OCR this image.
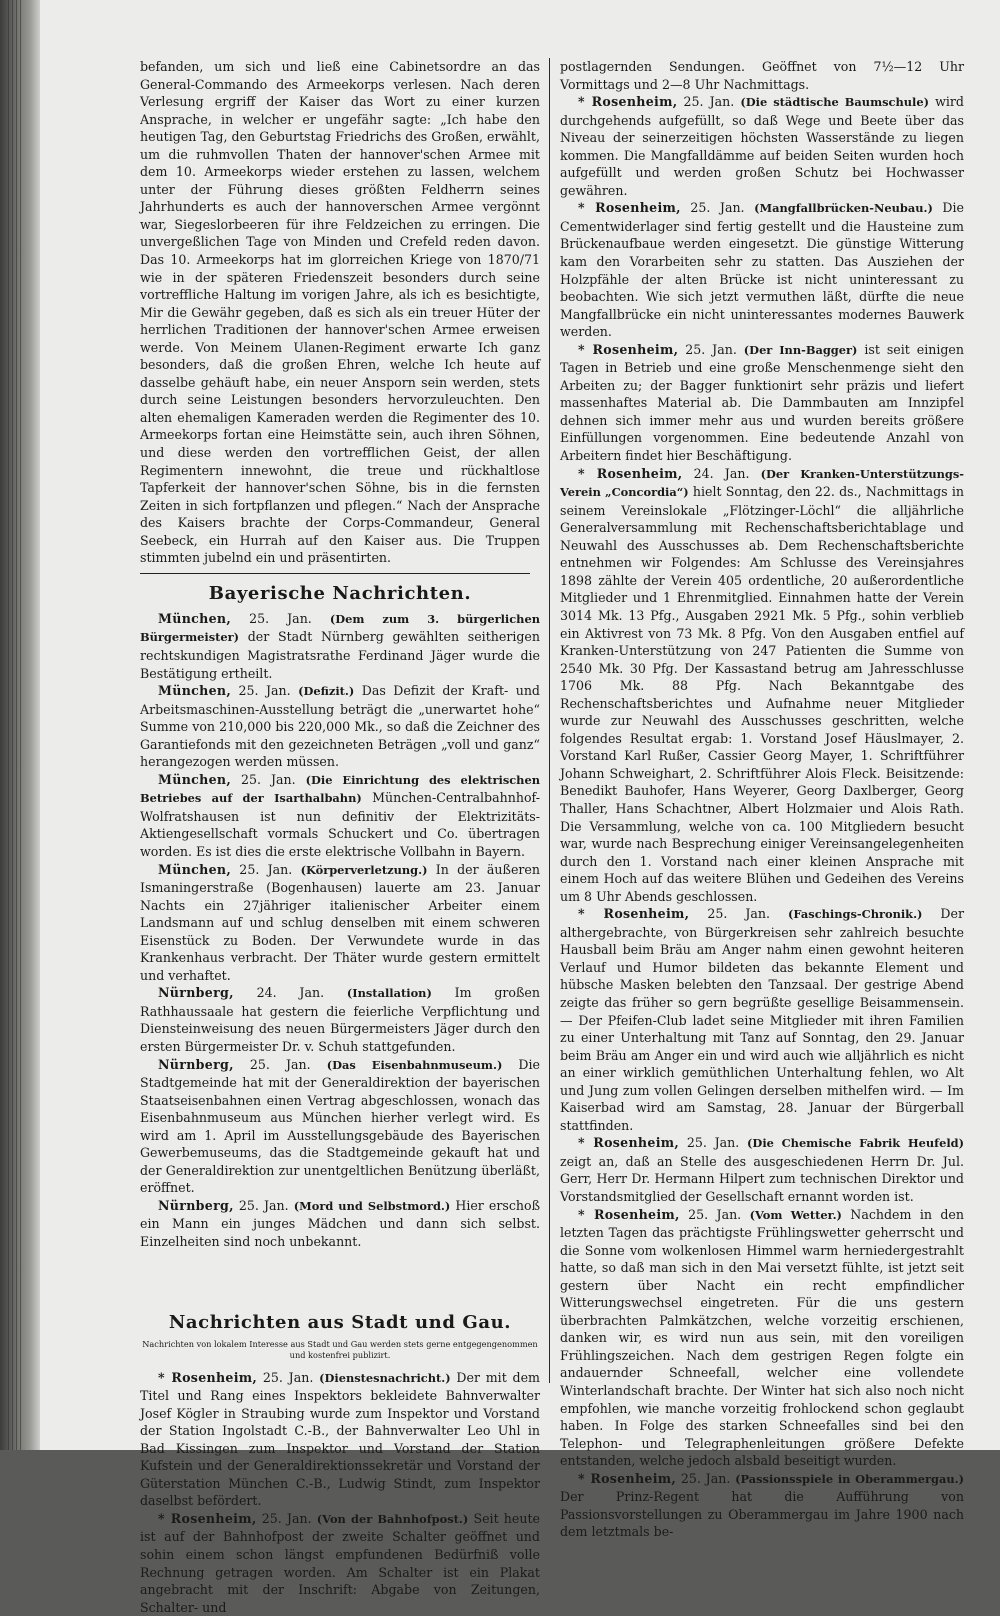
befanden, um sich und ließ eine Cabinetsordre an das General-Commando des Armeekorps verlesen. Nach deren Verlesung ergriff der Kaiser das Wort zu einer kurzen Ansprache, in welcher er ungefähr sagte: „Ich habe den heutigen Tag, den Geburtstag Friedrichs des Großen, erwählt, um die ruhmvollen Thaten der hannover'schen Armee mit dem 10. Armeekorps wieder erstehen zu lassen, welchem unter der Führung dieses größten Feldherrn seines Jahrhunderts es auch der hannoverschen Armee vergönnt war, Siegeslorbeeren für ihre Feldzeichen zu erringen. Die unvergeßlichen Tage von Minden und Crefeld reden davon. Das 10. Armeekorps hat im glorreichen Kriege von 1870/71 wie in der späteren Friedenszeit besonders durch seine vortreffliche Haltung im vorigen Jahre, als ich es besichtigte, Mir die Gewähr gegeben, daß es sich als ein treuer Hüter der herrlichen Traditionen der hannover'schen Armee erweisen werde. Von Meinem Ulanen-Regiment erwarte Ich ganz besonders, daß die großen Ehren, welche Ich heute auf dasselbe gehäuft habe, ein neuer Ansporn sein werden, stets durch seine Leistungen besonders hervorzuleuchten. Den alten ehemaligen Kameraden werden die Regimenter des 10. Armeekorps fortan eine Heimstätte sein, auch ihren Söhnen, und diese werden den vortrefflichen Geist, der allen Regimentern innewohnt, die treue und rückhaltlose Tapferkeit der hannover'schen Söhne, bis in die fernsten Zeiten in sich fortpflanzen und pflegen.“ Nach der Ansprache des Kaisers brachte der Corps-Commandeur, General Seebeck, ein Hurrah auf den Kaiser aus. Die Truppen stimmten jubelnd ein und präsentirten.

Bayerische Nachrichten.

München, 25. Jan. (Dem zum 3. bürgerlichen Bürgermeister) der Stadt Nürnberg gewählten seitherigen rechtskundigen Magistratsrathe Ferdinand Jäger wurde die Bestätigung ertheilt.

München, 25. Jan. (Defizit.) Das Defizit der Kraft- und Arbeitsmaschinen-Ausstellung beträgt die „unerwartet hohe“ Summe von 210,000 bis 220,000 Mk., so daß die Zeichner des Garantiefonds mit den gezeichneten Beträgen „voll und ganz“ herangezogen werden müssen.

München, 25. Jan. (Die Einrichtung des elektrischen Betriebes auf der Isarthalbahn) München-Centralbahnhof-Wolfratshausen ist nun definitiv der Elektrizitäts-Aktiengesellschaft vormals Schuckert und Co. übertragen worden. Es ist dies die erste elektrische Vollbahn in Bayern.

München, 25. Jan. (Körperverletzung.) In der äußeren Ismaningerstraße (Bogenhausen) lauerte am 23. Januar Nachts ein 27jähriger italienischer Arbeiter einem Landsmann auf und schlug denselben mit einem schweren Eisenstück zu Boden. Der Verwundete wurde in das Krankenhaus verbracht. Der Thäter wurde gestern ermittelt und verhaftet.

Nürnberg, 24. Jan. (Installation) Im großen Rathhaussaale hat gestern die feierliche Verpflichtung und Diensteinweisung des neuen Bürgermeisters Jäger durch den ersten Bürgermeister Dr. v. Schuh stattgefunden.

Nürnberg, 25. Jan. (Das Eisenbahnmuseum.) Die Stadtgemeinde hat mit der Generaldirektion der bayerischen Staatseisenbahnen einen Vertrag abgeschlossen, wonach das Eisenbahnmuseum aus München hierher verlegt wird. Es wird am 1. April im Ausstellungsgebäude des Bayerischen Gewerbemuseums, das die Stadtgemeinde gekauft hat und der Generaldirektion zur unentgeltlichen Benützung überläßt, eröffnet.

Nürnberg, 25. Jan. (Mord und Selbstmord.) Hier erschoß ein Mann ein junges Mädchen und dann sich selbst. Einzelheiten sind noch unbekannt.

Nachrichten aus Stadt und Gau.
Nachrichten von lokalem Interesse aus Stadt und Gau werden stets gerne entgegengenommen und kostenfrei publizirt.

* Rosenheim, 25. Jan. (Dienstesnachricht.) Der mit dem Titel und Rang eines Inspektors bekleidete Bahnverwalter Josef Kögler in Straubing wurde zum Inspektor und Vorstand der Station Ingolstadt C.-B., der Bahnverwalter Leo Uhl in Bad Kissingen zum Inspektor und Vorstand der Station Kufstein und der Generaldirektionssekretär und Vorstand der Güterstation München C.-B., Ludwig Stindt, zum Inspektor daselbst befördert.

* Rosenheim, 25. Jan. (Von der Bahnhofpost.) Seit heute ist auf der Bahnhofpost der zweite Schalter geöffnet und sohin einem schon längst empfundenen Bedürfniß volle Rechnung getragen worden. Am Schalter ist ein Plakat angebracht mit der Inschrift: Abgabe von Zeitungen, Schalter- und

postlagernden Sendungen. Geöffnet von 7½—12 Uhr Vormittags und 2—8 Uhr Nachmittags.

* Rosenheim, 25. Jan. (Die städtische Baumschule) wird durchgehends aufgefüllt, so daß Wege und Beete über das Niveau der seinerzeitigen höchsten Wasserstände zu liegen kommen. Die Mangfalldämme auf beiden Seiten wurden hoch aufgefüllt und werden großen Schutz bei Hochwasser gewähren.

* Rosenheim, 25. Jan. (Mangfallbrücken-Neubau.) Die Cementwiderlager sind fertig gestellt und die Hausteine zum Brückenaufbaue werden eingesetzt. Die günstige Witterung kam den Vorarbeiten sehr zu statten. Das Ausziehen der Holzpfähle der alten Brücke ist nicht uninteressant zu beobachten. Wie sich jetzt vermuthen läßt, dürfte die neue Mangfallbrücke ein nicht uninteressantes modernes Bauwerk werden.

* Rosenheim, 25. Jan. (Der Inn-Bagger) ist seit einigen Tagen in Betrieb und eine große Menschenmenge sieht den Arbeiten zu; der Bagger funktionirt sehr präzis und liefert massenhaftes Material ab. Die Dammbauten am Innzipfel dehnen sich immer mehr aus und wurden bereits größere Einfüllungen vorgenommen. Eine bedeutende Anzahl von Arbeitern findet hier Beschäftigung.

* Rosenheim, 24. Jan. (Der Kranken-Unterstützungs-Verein „Concordia“) hielt Sonntag, den 22. ds., Nachmittags in seinem Vereinslokale „Flötzinger-Löchl“ die alljährliche Generalversammlung mit Rechenschaftsberichtablage und Neuwahl des Ausschusses ab. Dem Rechenschaftsberichte entnehmen wir Folgendes: Am Schlusse des Vereinsjahres 1898 zählte der Verein 405 ordentliche, 20 außerordentliche Mitglieder und 1 Ehrenmitglied. Einnahmen hatte der Verein 3014 Mk. 13 Pfg., Ausgaben 2921 Mk. 5 Pfg., sohin verblieb ein Aktivrest von 73 Mk. 8 Pfg. Von den Ausgaben entfiel auf Kranken-Unterstützung von 247 Patienten die Summe von 2540 Mk. 30 Pfg. Der Kassastand betrug am Jahresschlusse 1706 Mk. 88 Pfg. Nach Bekanntgabe des Rechenschaftsberichtes und Aufnahme neuer Mitglieder wurde zur Neuwahl des Ausschusses geschritten, welche folgendes Resultat ergab: 1. Vorstand Josef Häuslmayer, 2. Vorstand Karl Rußer, Cassier Georg Mayer, 1. Schriftführer Johann Schweighart, 2. Schriftführer Alois Fleck. Beisitzende: Benedikt Bauhofer, Hans Weyerer, Georg Daxlberger, Georg Thaller, Hans Schachtner, Albert Holzmaier und Alois Rath. Die Versammlung, welche von ca. 100 Mitgliedern besucht war, wurde nach Besprechung einiger Vereinsangelegenheiten durch den 1. Vorstand nach einer kleinen Ansprache mit einem Hoch auf das weitere Blühen und Gedeihen des Vereins um 8 Uhr Abends geschlossen.

* Rosenheim, 25. Jan. (Faschings-Chronik.) Der althergebrachte, von Bürgerkreisen sehr zahlreich besuchte Hausball beim Bräu am Anger nahm einen gewohnt heiteren Verlauf und Humor bildeten das bekannte Element und hübsche Masken belebten den Tanzsaal. Der gestrige Abend zeigte das früher so gern begrüßte gesellige Beisammensein. — Der Pfeifen-Club ladet seine Mitglieder mit ihren Familien zu einer Unterhaltung mit Tanz auf Sonntag, den 29. Januar beim Bräu am Anger ein und wird auch wie alljährlich es nicht an einer wirklich gemüthlichen Unterhaltung fehlen, wo Alt und Jung zum vollen Gelingen derselben mithelfen wird. — Im Kaiserbad wird am Samstag, 28. Januar der Bürgerball stattfinden.

* Rosenheim, 25. Jan. (Die Chemische Fabrik Heufeld) zeigt an, daß an Stelle des ausgeschiedenen Herrn Dr. Jul. Gerr, Herr Dr. Hermann Hilpert zum technischen Direktor und Vorstandsmitglied der Gesellschaft ernannt worden ist.

* Rosenheim, 25. Jan. (Vom Wetter.) Nachdem in den letzten Tagen das prächtigste Frühlingswetter geherrscht und die Sonne vom wolkenlosen Himmel warm herniedergestrahlt hatte, so daß man sich in den Mai versetzt fühlte, ist jetzt seit gestern über Nacht ein recht empfindlicher Witterungswechsel eingetreten. Für die uns gestern überbrachten Palmkätzchen, welche vorzeitig erschienen, danken wir, es wird nun aus sein, mit den voreiligen Frühlingszeichen. Nach dem gestrigen Regen folgte ein andauernder Schneefall, welcher eine vollendete Winterlandschaft brachte. Der Winter hat sich also noch nicht empfohlen, wie manche vorzeitig frohlockend schon geglaubt haben. In Folge des starken Schneefalles sind bei den Telephon- und Telegraphenleitungen größere Defekte entstanden, welche jedoch alsbald beseitigt wurden.

* Rosenheim, 25. Jan. (Passionsspiele in Oberammergau.) Der Prinz-Regent hat die Aufführung von Passionsvorstellungen zu Oberammergau im Jahre 1900 nach dem letztmals be-
